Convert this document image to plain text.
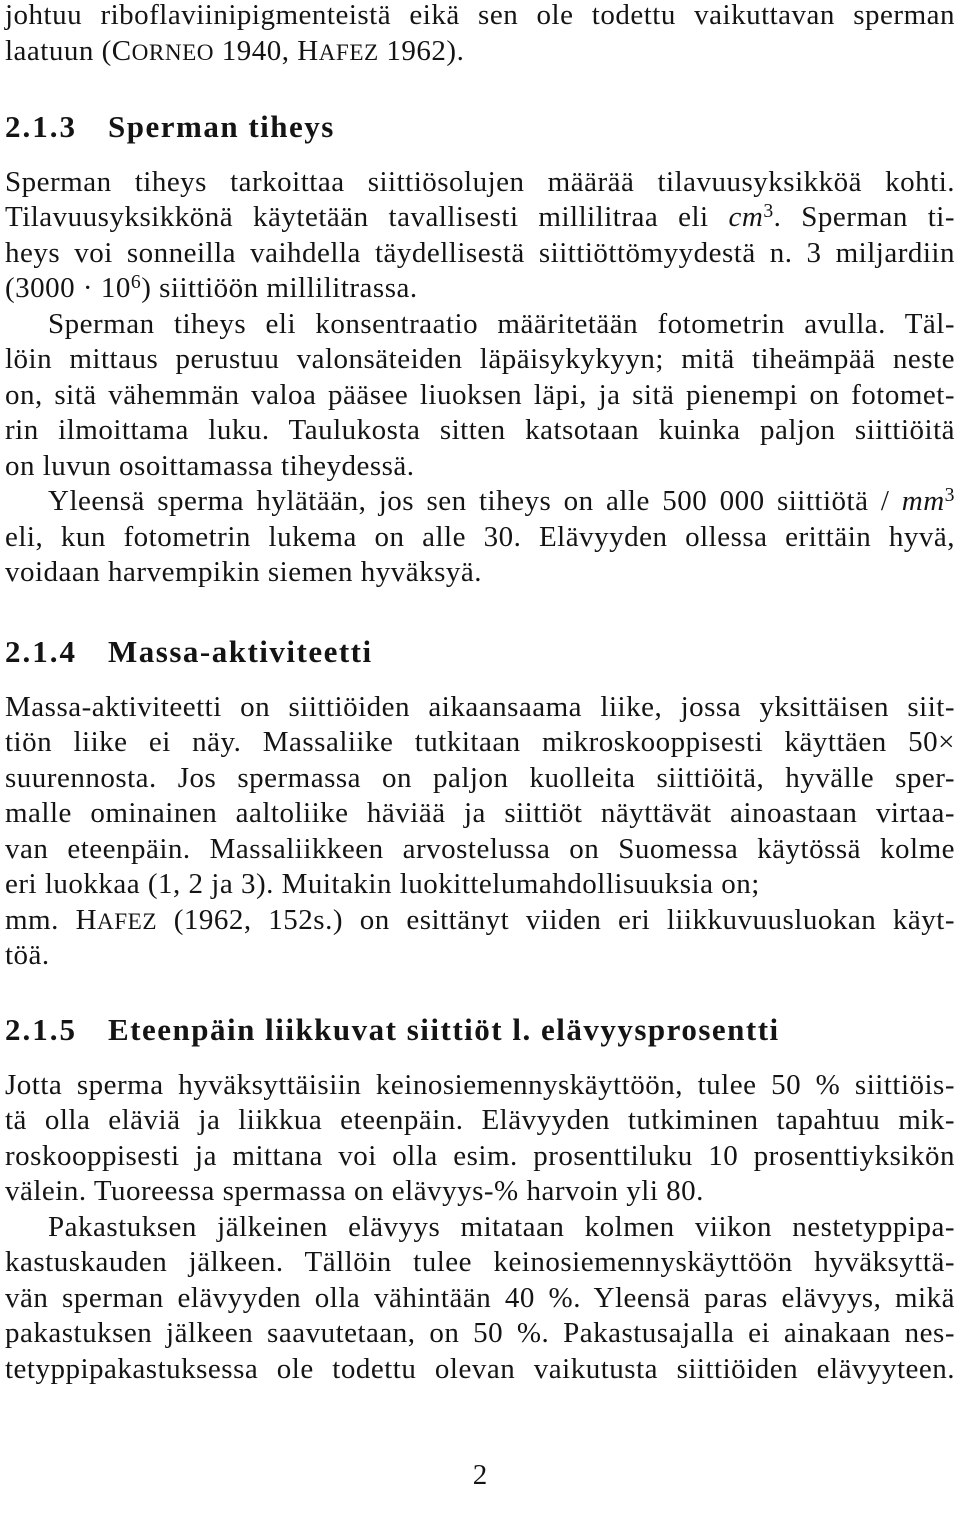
johtuu riboflaviinipigmenteistä eikä sen ole todettu vaikuttavan sperman
laatuun (CORNEO 1940, HAFEZ 1962).
2.1.3 Sperman tiheys
Sperman tiheys tarkoittaa siittiösolujen määrää tilavuusyksikköä kohti.
Tilavuusyksikkönä käytetään tavallisesti millilitraa eli $cm^3$. Sperman ti-
heys voi sonneilla vaihdella täydellisestä siittiöttömyydestä n. 3 miljardiin
$(3000 \cdot 10^6)$ siittiöön millilitrassa.
Sperman tiheys eli konsentraatio määritetään fotometrin avulla. Täl-
löin mittaus perustuu valonsäteiden läpäisykykyyn; mitä tiheämpää neste
on, sitä vähemmän valoa pääsee liuoksen läpi, ja sitä pienempi on fotomet-
rin ilmoittama luku. Taulukosta sitten katsotaan kuinka paljon siittiöitä
on luvun osoittamassa tiheydessä.
Yleensä sperma hylätään, jos sen tiheys on alle 500 000 siittiötä / $mm^3$
eli, kun fotometrin lukema on alle 30. Elävyyden ollessa erittäin hyvä,
voidaan harvempikin siemen hyväksyä.
2.1.4 Massa-aktiviteetti
Massa-aktiviteetti on siittiöiden aikaansaama liike, jossa yksittäisen siit-
tiön liike ei näy. Massaliike tutkitaan mikroskooppisesti käyttäen 50×
suurennosta. Jos spermassa on paljon kuolleita siittiöitä, hyvälle sper-
malle ominainen aaltoliike häviää ja siittiöt näyttävät ainoastaan virtaa-
van eteenpäin. Massaliikkeen arvostelussa on Suomessa käytössä kolme
eri luokkaa (1, 2 ja 3). Muitakin luokittelumahdollisuuksia on;
mm. HAFEZ (1962, 152s.) on esittänyt viiden eri liikkuvuusluokan käyt-
töä.
2.1.5 Eteenpäin liikkuvat siittiöt l. elävyysprosentti
Jotta sperma hyväksyttäisiin keinosiemennyskäyttöön, tulee 50 % siittiöis-
tä olla eläviä ja liikkua eteenpäin. Elävyyden tutkiminen tapahtuu mik-
roskooppisesti ja mittana voi olla esim. prosenttiluku 10 prosenttiyksikön
välein. Tuoreessa spermassa on elävyys-% harvoin yli 80.
Pakastuksen jälkeinen elävyys mitataan kolmen viikon nestetyppipa-
kastuskauden jälkeen. Tällöin tulee keinosiemennyskäyttöön hyväksyttä-
vän sperman elävyyden olla vähintään 40 %. Yleensä paras elävyys, mikä
pakastuksen jälkeen saavutetaan, on 50 %. Pakastusajalla ei ainakaan nes-
tetyppipakastuksessa ole todettu olevan vaikutusta siittiöiden elävyyteen.
2
